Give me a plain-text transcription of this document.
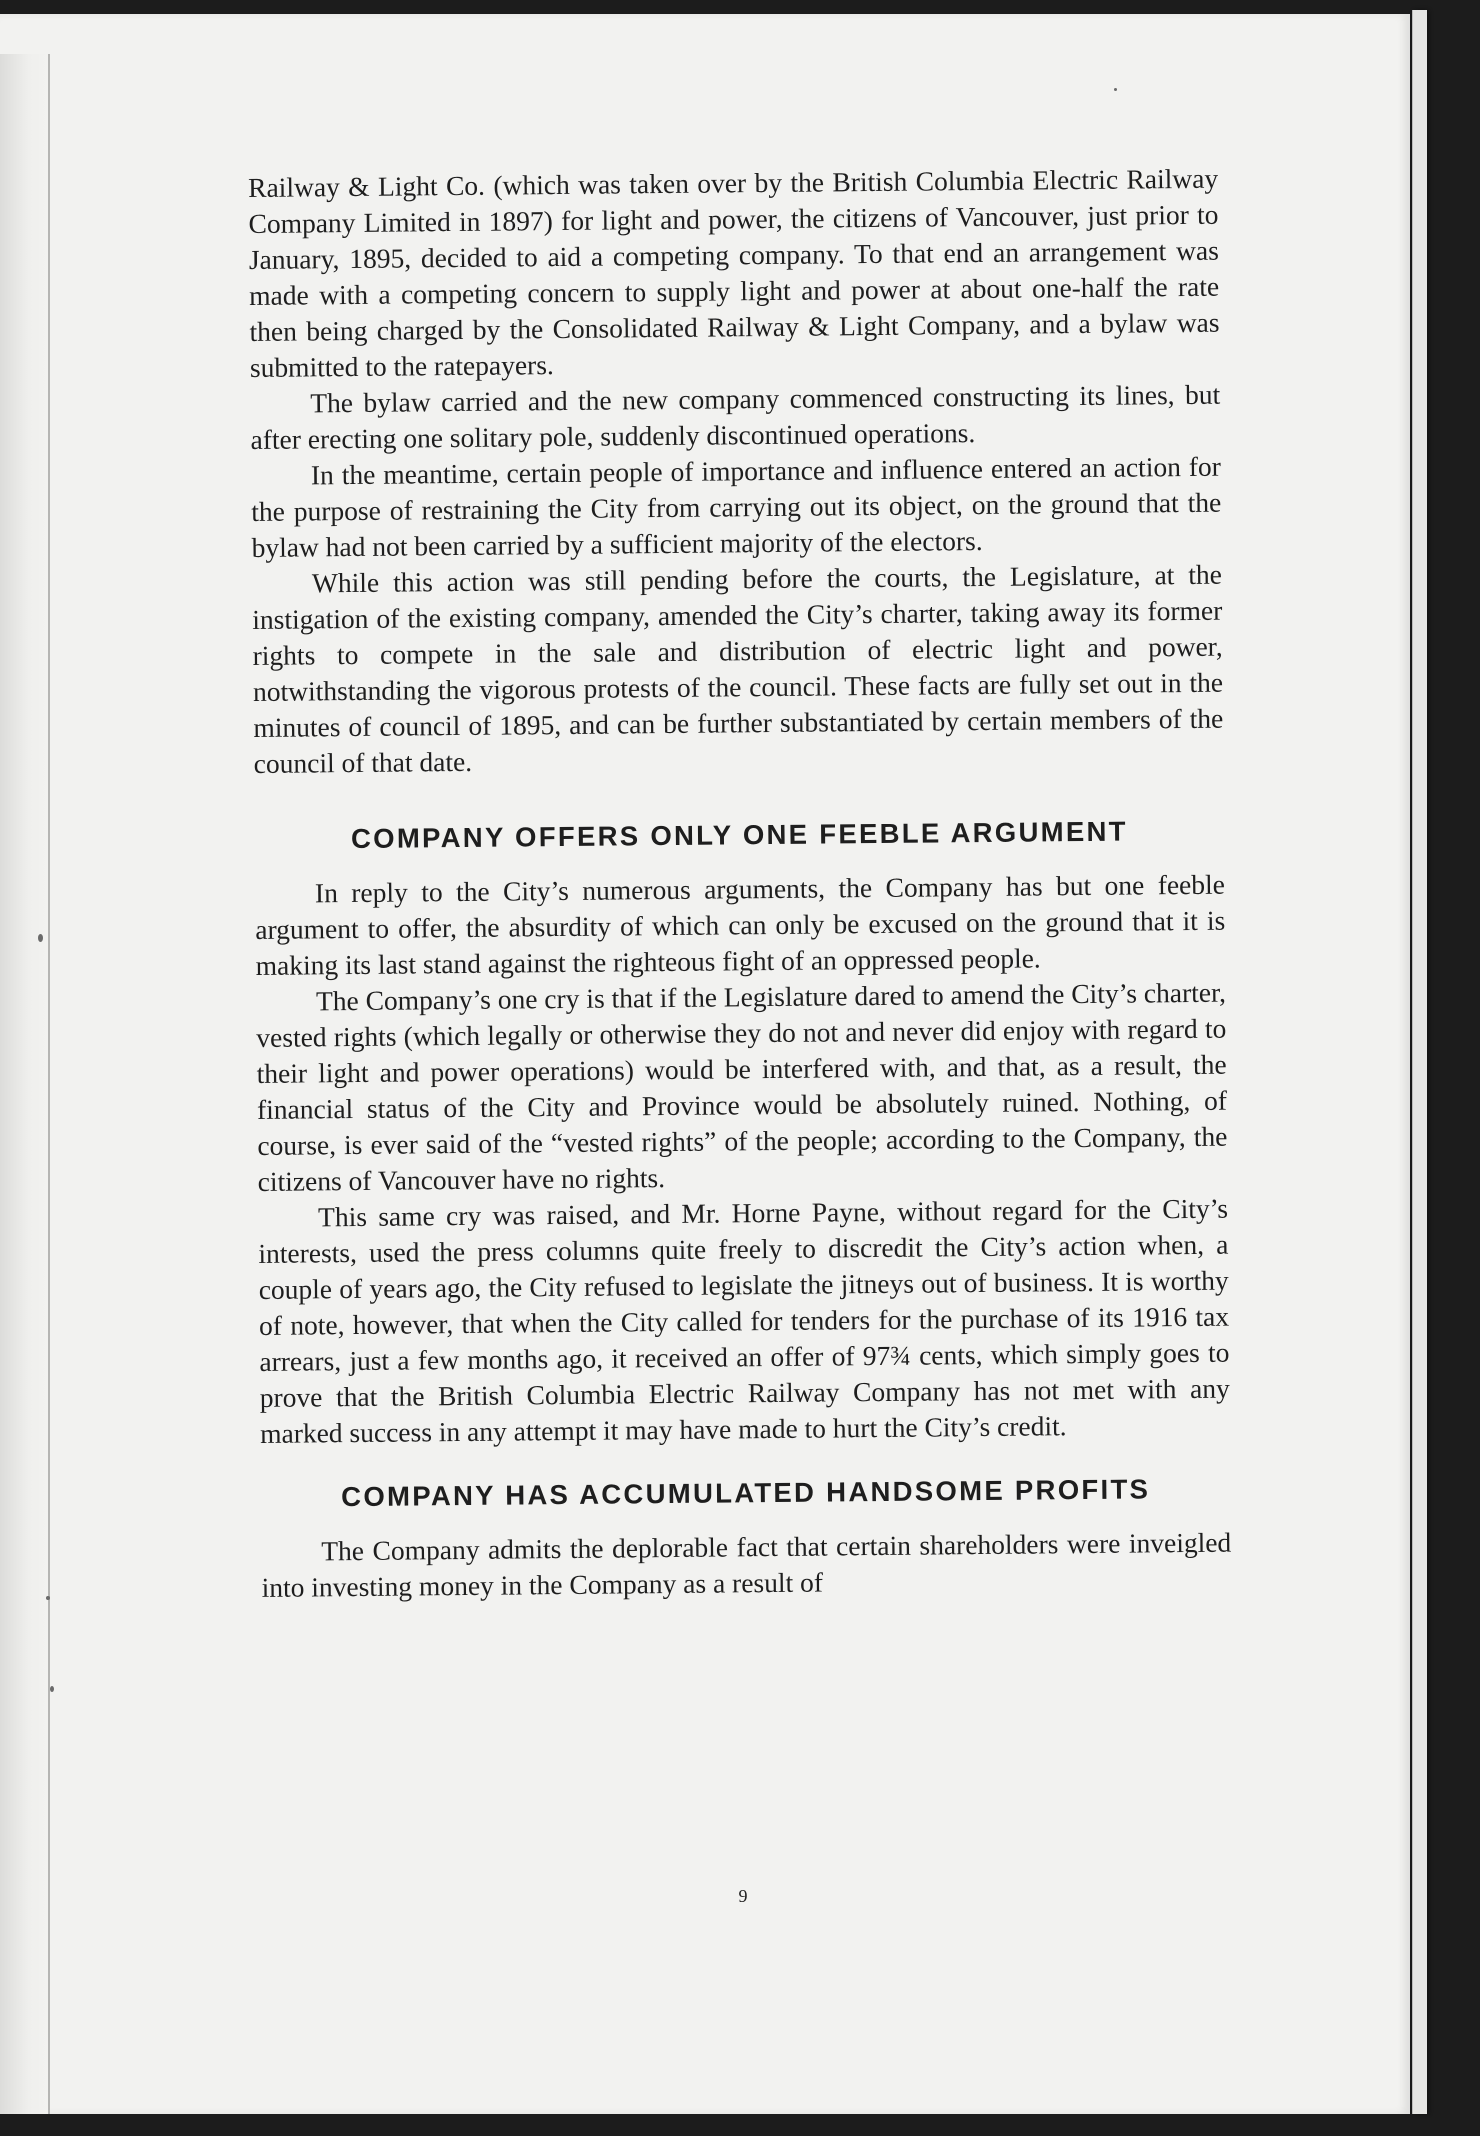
Railway & Light Co. (which was taken over by the British Columbia Electric Railway Company Limited in 1897) for light and power, the citizens of Vancouver, just prior to January, 1895, decided to aid a competing company. To that end an arrangement was made with a competing concern to supply light and power at about one-half the rate then being charged by the Consolidated Railway & Light Company, and a bylaw was submitted to the ratepayers.

The bylaw carried and the new company commenced constructing its lines, but after erecting one solitary pole, suddenly discontinued operations.

In the meantime, certain people of importance and influence entered an action for the purpose of restraining the City from carrying out its object, on the ground that the bylaw had not been carried by a sufficient majority of the electors.

While this action was still pending before the courts, the Legislature, at the instigation of the existing company, amended the City’s charter, taking away its former rights to compete in the sale and distribution of electric light and power, notwithstanding the vigorous protests of the council. These facts are fully set out in the minutes of council of 1895, and can be further substantiated by certain members of the council of that date.

COMPANY OFFERS ONLY ONE FEEBLE ARGUMENT

In reply to the City’s numerous arguments, the Company has but one feeble argument to offer, the absurdity of which can only be excused on the ground that it is making its last stand against the righteous fight of an oppressed people.

The Company’s one cry is that if the Legislature dared to amend the City’s charter, vested rights (which legally or otherwise they do not and never did enjoy with regard to their light and power operations) would be interfered with, and that, as a result, the financial status of the City and Province would be absolutely ruined. Nothing, of course, is ever said of the “vested rights” of the people; according to the Company, the citizens of Vancouver have no rights.

This same cry was raised, and Mr. Horne Payne, without regard for the City’s interests, used the press columns quite freely to discredit the City’s action when, a couple of years ago, the City refused to legislate the jitneys out of business. It is worthy of note, however, that when the City called for tenders for the purchase of its 1916 tax arrears, just a few months ago, it received an offer of 97¾ cents, which simply goes to prove that the British Columbia Electric Railway Company has not met with any marked success in any attempt it may have made to hurt the City’s credit.

COMPANY HAS ACCUMULATED HANDSOME PROFITS

The Company admits the deplorable fact that certain shareholders were inveigled into investing money in the Company as a result of

9
